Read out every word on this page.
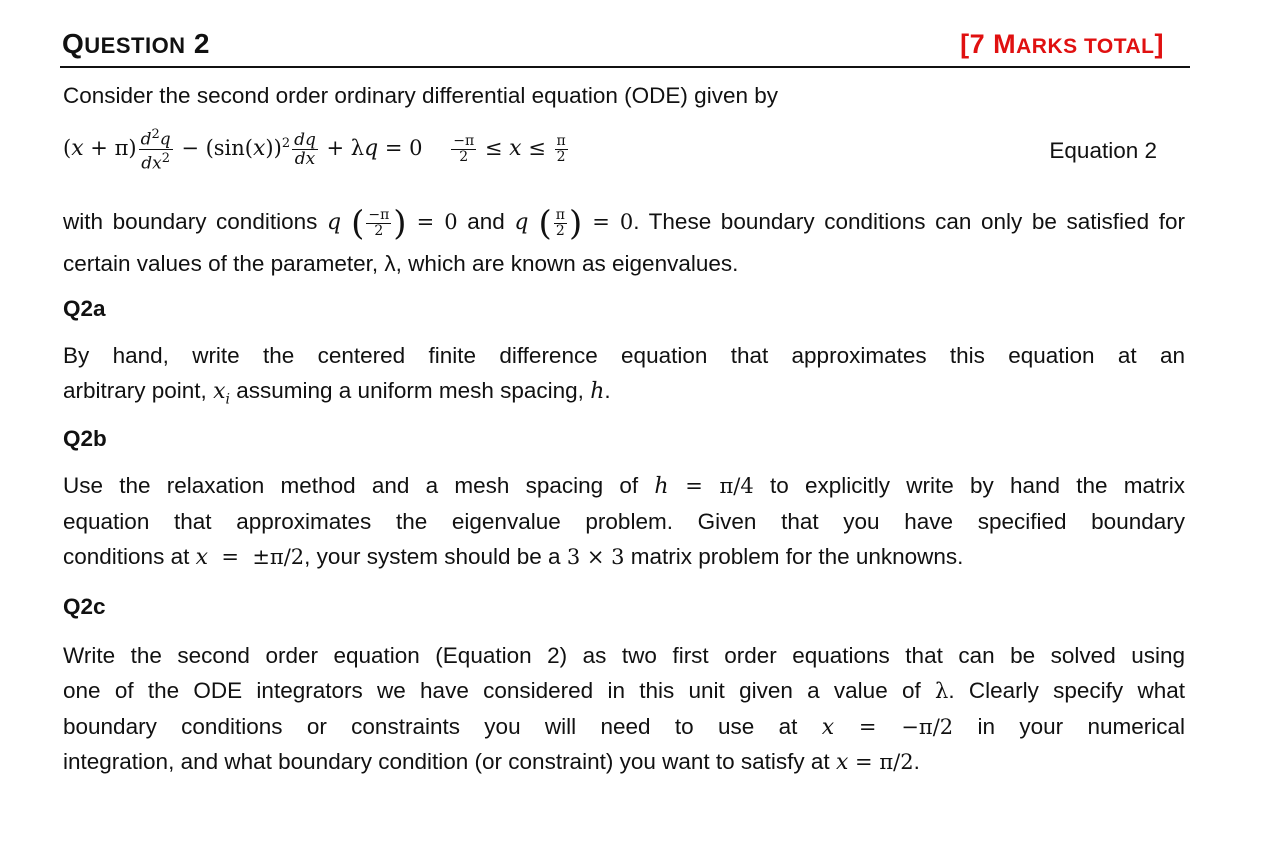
QUESTION 2	[7 MARKS TOTAL]
Consider the second order ordinary differential equation (ODE) given by
$(x + \pi) \frac{d^2q}{dx^2} - (\sin(x))^2 \frac{dq}{dx} + \lambda q = 0 \frac{-\pi}{2} \le x \le \frac{\pi}{2}$	Equation 2
with boundary conditions q ( $\frac{-\pi}{2}$ ) = 0 and q ( $\frac{\pi}{2}$ ) = 0. These boundary conditions can only be satisfied for
certain values of the parameter, λ, which are known as eigenvalues.
Q2a
By hand, write the centered finite difference equation that approximates this equation at an
arbitrary point, $x_i$ assuming a uniform mesh spacing, h.
Q2b
Use the relaxation method and a mesh spacing of h = π/4 to explicitly write by hand the matrix
equation that approximates the eigenvalue problem. Given that you have specified boundary
conditions at x  =  ±π/2, your system should be a 3 × 3 matrix problem for the unknowns.
Q2c
Write the second order equation (Equation 2) as two first order equations that can be solved using
one of the ODE integrators we have considered in this unit given a value of λ. Clearly specify what
boundary conditions or constraints you will need to use at x = −π/2 in your numerical
integration, and what boundary condition (or constraint) you want to satisfy at x = π/2.
